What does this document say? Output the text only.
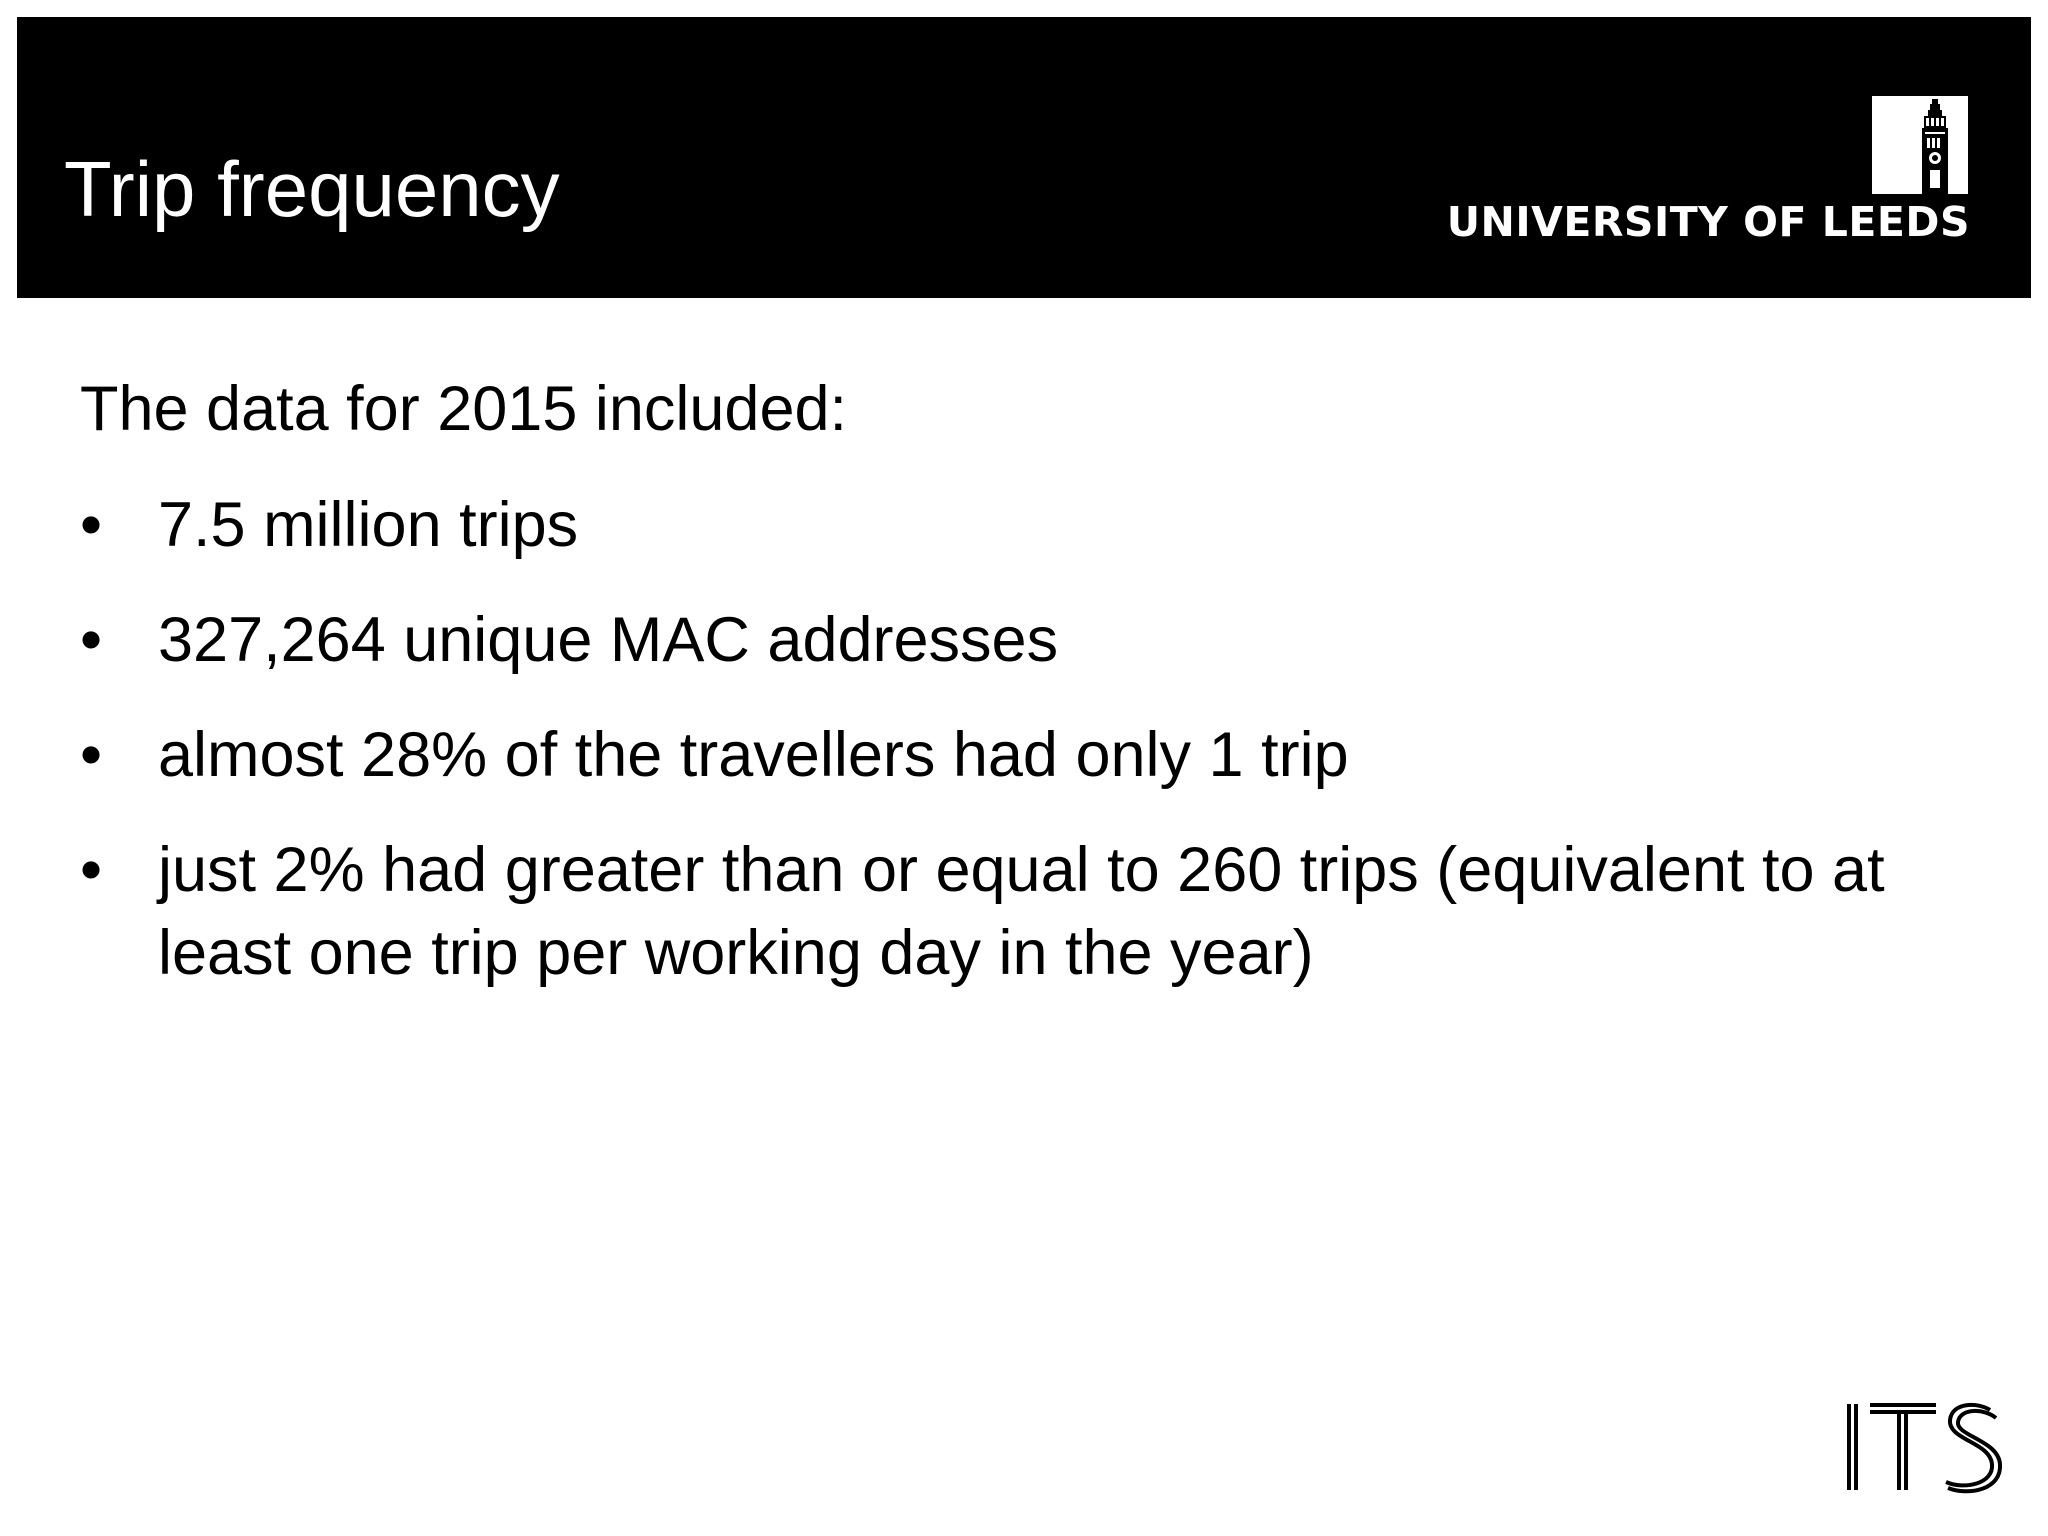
Trip frequency	UNIVERSITY OF LEEDS

The data for 2015 included:

• 7.5 million trips
• 327,264 unique MAC addresses
• almost 28% of the travellers had only 1 trip
• just 2% had greater than or equal to 260 trips (equivalent to at least one trip per working day in the year)
